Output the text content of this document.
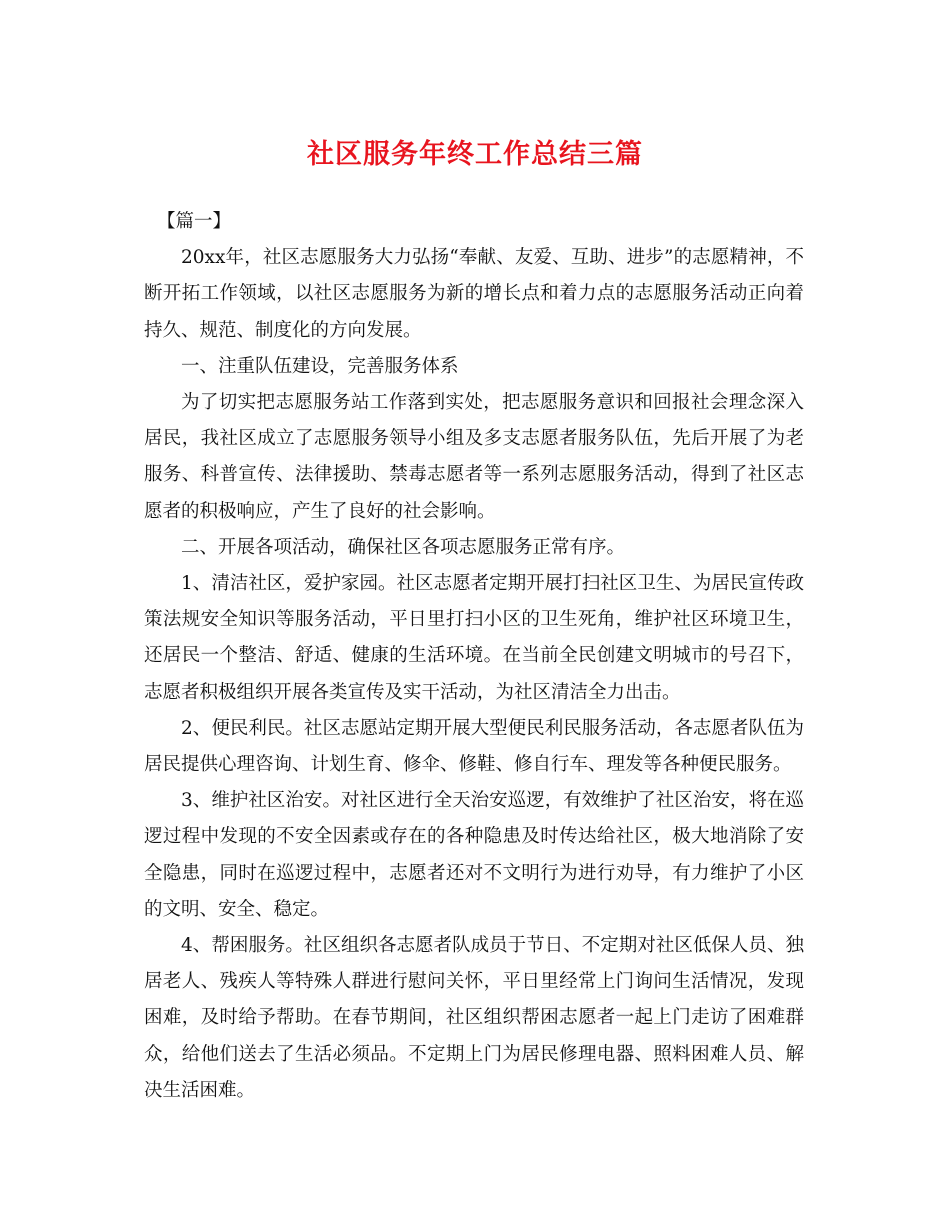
社区服务年终工作总结三篇

【篇一】

20xx年，社区志愿服务大力弘扬“奉献、友爱、互助、进步”的志愿精神，不断开拓工作领域，以社区志愿服务为新的增长点和着力点的志愿服务活动正向着持久、规范、制度化的方向发展。

一、注重队伍建设，完善服务体系

为了切实把志愿服务站工作落到实处，把志愿服务意识和回报社会理念深入居民，我社区成立了志愿服务领导小组及多支志愿者服务队伍，先后开展了为老服务、科普宣传、法律援助、禁毒志愿者等一系列志愿服务活动，得到了社区志愿者的积极响应，产生了良好的社会影响。

二、开展各项活动，确保社区各项志愿服务正常有序。

1、清洁社区，爱护家园。社区志愿者定期开展打扫社区卫生、为居民宣传政策法规安全知识等服务活动，平日里打扫小区的卫生死角，维护社区环境卫生，还居民一个整洁、舒适、健康的生活环境。在当前全民创建文明城市的号召下，志愿者积极组织开展各类宣传及实干活动，为社区清洁全力出击。

2、便民利民。社区志愿站定期开展大型便民利民服务活动，各志愿者队伍为居民提供心理咨询、计划生育、修伞、修鞋、修自行车、理发等各种便民服务。

3、维护社区治安。对社区进行全天治安巡逻，有效维护了社区治安，将在巡逻过程中发现的不安全因素或存在的各种隐患及时传达给社区，极大地消除了安全隐患，同时在巡逻过程中，志愿者还对不文明行为进行劝导，有力维护了小区的文明、安全、稳定。

4、帮困服务。社区组织各志愿者队成员于节日、不定期对社区低保人员、独居老人、残疾人等特殊人群进行慰问关怀，平日里经常上门询问生活情况，发现困难，及时给予帮助。在春节期间，社区组织帮困志愿者一起上门走访了困难群众，给他们送去了生活必须品。不定期上门为居民修理电器、照料困难人员、解决生活困难。
